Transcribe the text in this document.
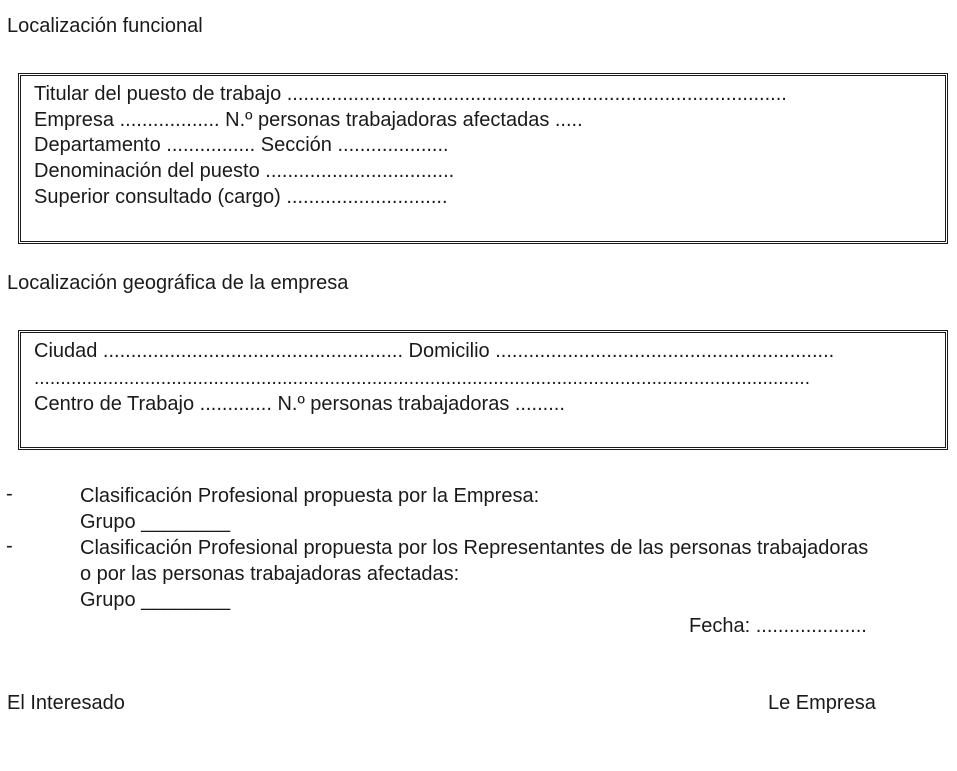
Localización funcional
Titular del puesto de trabajo ..........................................................................................
Empresa .................. N.º personas trabajadoras afectadas .....
Departamento ................ Sección ....................
Denominación del puesto ..................................
Superior consultado (cargo) .............................
Localización geográfica de la empresa
Ciudad ...................................................... Domicilio .............................................................
...................................................................................................................................................
Centro de Trabajo ............. N.º personas trabajadoras .........
-	Clasificación Profesional propuesta por la Empresa:
Grupo ________
-	Clasificación Profesional propuesta por los Representantes de las personas trabajadoras
o por las personas trabajadoras afectadas:
Grupo ________
Fecha: ....................
El Interesado	Le Empresa
